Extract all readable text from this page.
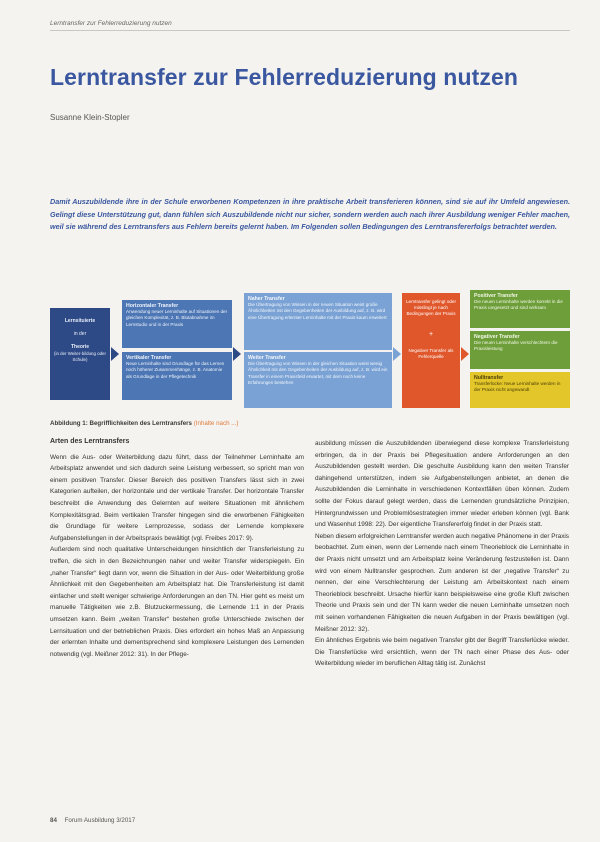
Lerntransfer zur Fehlerreduzierung nutzen
Lerntransfer zur Fehlerreduzierung nutzen
Susanne Klein-Stopler
Damit Auszubildende ihre in der Schule erworbenen Kompetenzen in ihre praktische Arbeit transferieren können, sind sie auf ihr Umfeld angewiesen. Gelingt diese Unterstützung gut, dann fühlen sich Auszubildende nicht nur sicher, sondern werden auch nach ihrer Ausbildung weniger Fehler machen, weil sie während des Lerntransfers aus Fehlern bereits gelernt haben. Im Folgenden sollen Bedingungen des Lerntransfererfolgs betrachtet werden.
Lernsituierte
in der
Theorie
(in der Weiter-bildung oder Schule)
Horizontaler Transfer
Anwendung neuer Lerninhalte auf Situationen der gleichen Komplexität, z. B. Blutabnahme im Lernstudio und in der Praxis
Vertikaler Transfer
Neue Lerninhalte sind Grundlage für das Lernen noch höherer Zusammenhänge, z. B. Anatomie als Grundlage in der Pflegetechnik
Naher Transfer
Die Übertragung von Wissen in der neuen Situation weist große Ähnlichkeiten mit den Gegebenheiten der Ausbildung auf, z. B. wird eine Übertragung erlernter Lerninhalte mit der Praxis kaum erweitert
Weiter Transfer
Die Übertragung von Wissen in der gleichen Situation weist wenig Ähnlichkeit mit den Gegebenheiten der Ausbildung auf, z. B. wird ein Transfer in einem Praxisfeld erwartet, mit dem noch keine Erfahrungen bestehen
Lerntransfer gelingt oder misslingt je nach Bedingungen der Praxis
+
Negativer Transfer als Fehlerquelle
Positiver Transfer
Die neuen Lerninhalte werden korrekt in die Praxis umgesetzt und sind wirksam
Negativer Transfer
Die neuen Lerninhalte verschlechtern die Praxisleistung
Nulltransfer
Transferlücke: Neue Lerninhalte werden in der Praxis nicht angewandt
Abbildung 1: Begrifflichkeiten des Lerntransfers (Inhalte nach ...)
Arten des Lerntransfers

Wenn die Aus- oder Weiterbildung dazu führt, dass der Teilnehmer Lerninhalte am Arbeitsplatz anwendet und sich dadurch seine Leistung verbessert, so spricht man von einem positiven Transfer. Dieser Bereich des positiven Transfers lässt sich in zwei Kategorien aufteilen, der horizontale und der vertikale Transfer. Der horizontale Transfer beschreibt die Anwendung des Gelernten auf weitere Situationen mit ähnlichem Komplexitätsgrad. Beim vertikalen Transfer hingegen sind die erworbenen Fähigkeiten die Grundlage für weitere Lernprozesse, sodass der Lernende komplexere Aufgabenstellungen in der Arbeitspraxis bewältigt (vgl. Freibes 2017: 9).

Außerdem sind noch qualitative Unterscheidungen hinsichtlich der Transferleistung zu treffen, die sich in den Bezeichnungen naher und weiter Transfer widerspiegeln. Ein „naher Transfer“ liegt dann vor, wenn die Situation in der Aus- oder Weiterbildung große Ähnlichkeit mit den Gegebenheiten am Arbeitsplatz hat. Die Transferleistung ist damit einfacher und stellt weniger schwierige Anforderungen an den TN. Hier geht es meist um manuelle Tätigkeiten wie z.B. Blutzuckermessung, die Lernende 1:1 in der Praxis umsetzen kann. Beim „weiten Transfer“ bestehen große Unterschiede zwischen der Lernsituation und der betrieblichen Praxis. Dies erfordert ein hohes Maß an Anpassung der erlernten Inhalte und dementsprechend sind komplexere Leistungen des Lernenden notwendig (vgl. Meißner 2012: 31). In der Pflege-

ausbildung müssen die Auszubildenden überwiegend diese komplexe Transferleistung erbringen, da in der Praxis bei Pflegesituation andere Anforderungen an den Auszubildenden gestellt werden. Die geschulte Ausbildung kann den weiten Transfer dahingehend unterstützen, indem sie Aufgabenstellungen anbietet, an denen die Auszubildenden die Lerninhalte in verschiedenen Kontextfällen üben können. Zudem sollte der Fokus darauf gelegt werden, dass die Lernenden grundsätzliche Prinzipien, Hintergrundwissen und Problemlösestrategien immer wieder erleben können (vgl. Bank und Wasenhut 1998: 22). Der eigentliche Transfererfolg findet in der Praxis statt.

Neben diesem erfolgreichen Lerntransfer werden auch negative Phänomene in der Praxis beobachtet. Zum einen, wenn der Lernende nach einem Theorieblock die Lerninhalte in der Praxis nicht umsetzt und am Arbeitsplatz keine Veränderung festzustellen ist. Dann wird von einem Nulltransfer gesprochen. Zum anderen ist der „negative Transfer“ zu nennen, der eine Verschlechterung der Leistung am Arbeitskontext nach einem Theorieblock beschreibt. Ursache hierfür kann beispielsweise eine große Kluft zwischen Theorie und Praxis sein und der TN kann weder die neuen Lerninhalte umsetzen noch mit seinen vorhandenen Fähigkeiten die neuen Aufgaben in der Praxis bewältigen (vgl. Meißner 2012: 32).

Ein ähnliches Ergebnis wie beim negativen Transfer gibt der Begriff Transferlücke wieder. Die Transferlücke wird ersichtlich, wenn der TN nach einer Phase des Aus- oder Weiterbildung wieder im beruflichen Alltag tätig ist. Zunächst

84 Forum Ausbildung 3/2017
